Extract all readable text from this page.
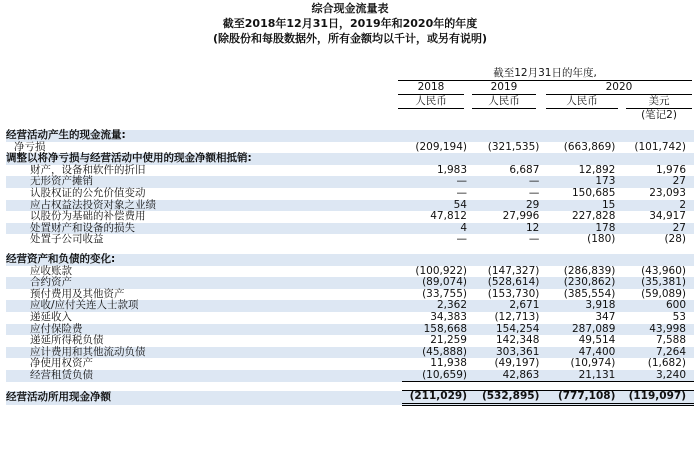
综合现金流量表
截至2018年12月31日，2019年和2020年的年度
(除股份和每股数据外，所有金额均以千计，或另有说明)
截至12月31日的年度,
2018	2019	2020
人民币	人民币	人民币	美元
(笔记2)
经营活动产生的现金流量:				
净亏损	(209,194)	(321,535)	(663,869)	(101,742)
调整以将净亏损与经营活动中使用的现金净额相抵销:				
财产，设备和软件的折旧	1,983	6,687	12,892	1,976
无形资产摊销	—	—	173	27
认股权证的公允价值变动	—	—	150,685	23,093
应占权益法投资对象之业绩	54	29	15	2
以股份为基础的补偿费用	47,812	27,996	227,828	34,917
处置财产和设备的损失	4	12	178	27
处置子公司收益	—	—	(180)	(28)

经营资产和负债的变化:				
应收账款	(100,922)	(147,327)	(286,839)	(43,960)
合约资产	(89,074)	(528,614)	(230,862)	(35,381)
预付费用及其他资产	(33,755)	(153,730)	(385,554)	(59,089)
应收/应付关连人士款项	2,362	2,671	3,918	600
递延收入	34,383	(12,713)	347	53
应付保险费	158,668	154,254	287,089	43,998
递延所得税负债	21,259	142,348	49,514	7,588
应计费用和其他流动负债	(45,888)	303,361	47,400	7,264
净使用权资产	11,938	(49,197)	(10,974)	(1,682)
经营租赁负债	(10,659)	42,863	21,131	3,240

经营活动所用现金净额	(211,029)	(532,895)	(777,108)	(119,097)
